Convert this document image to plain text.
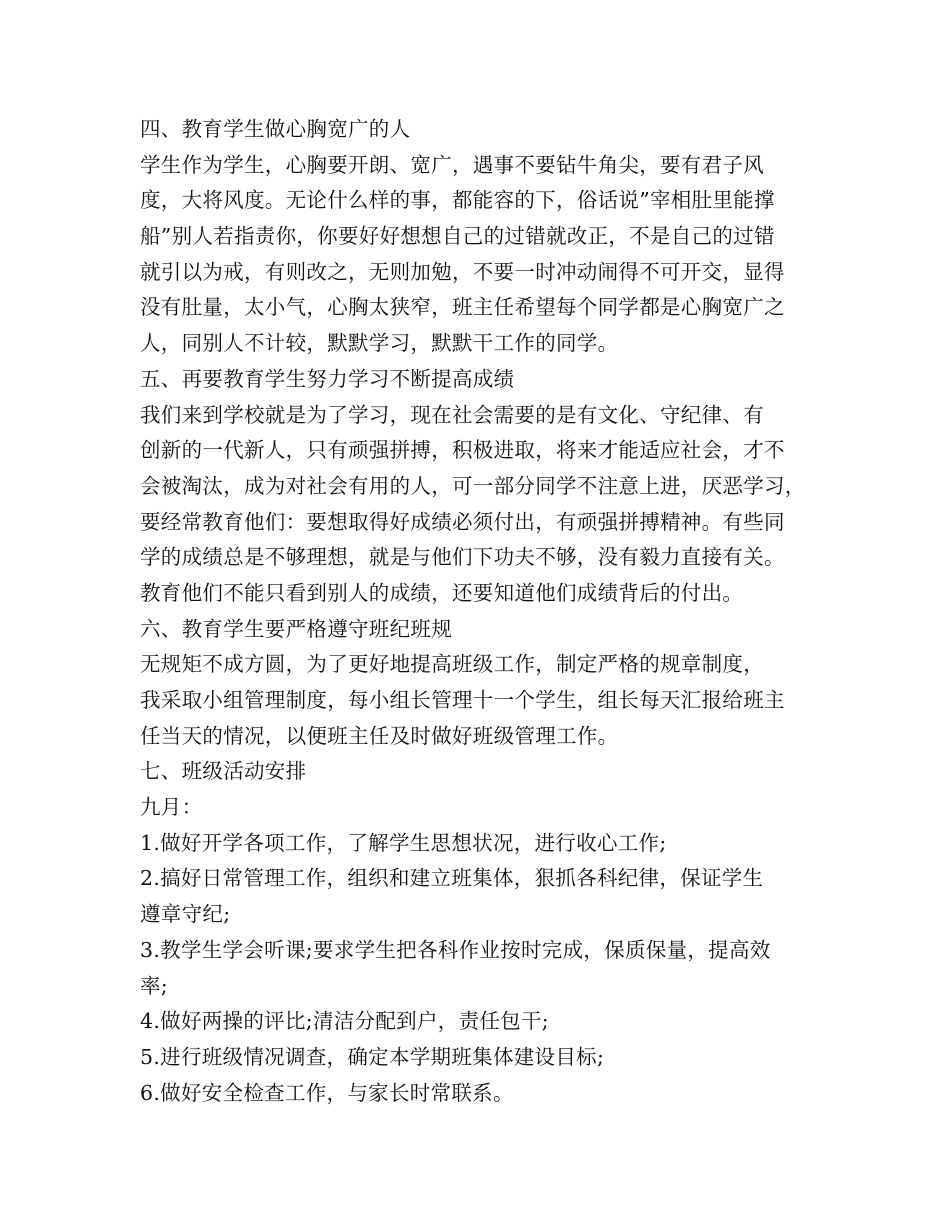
四、教育学生做心胸宽广的人
学生作为学生，心胸要开朗、宽广，遇事不要钻牛角尖，要有君子风
度，大将风度。无论什么样的事，都能容的下，俗话说”宰相肚里能撑
船”别人若指责你，你要好好想想自己的过错就改正，不是自己的过错
就引以为戒，有则改之，无则加勉，不要一时冲动闹得不可开交，显得
没有肚量，太小气，心胸太狭窄，班主任希望每个同学都是心胸宽广之
人，同别人不计较，默默学习，默默干工作的同学。
五、再要教育学生努力学习不断提高成绩
我们来到学校就是为了学习，现在社会需要的是有文化、守纪律、有
创新的一代新人，只有顽强拼搏，积极进取，将来才能适应社会，才不
会被淘汰，成为对社会有用的人，可一部分同学不注意上进，厌恶学习，
要经常教育他们：要想取得好成绩必须付出，有顽强拼搏精神。有些同
学的成绩总是不够理想，就是与他们下功夫不够，没有毅力直接有关。
教育他们不能只看到别人的成绩，还要知道他们成绩背后的付出。
六、教育学生要严格遵守班纪班规
无规矩不成方圆，为了更好地提高班级工作，制定严格的规章制度，
我采取小组管理制度，每小组长管理十一个学生，组长每天汇报给班主
任当天的情况，以便班主任及时做好班级管理工作。
七、班级活动安排
九月：
1.做好开学各项工作，了解学生思想状况，进行收心工作;
2.搞好日常管理工作，组织和建立班集体，狠抓各科纪律，保证学生
遵章守纪;
3.教学生学会听课;要求学生把各科作业按时完成，保质保量，提高效
率;
4.做好两操的评比;清洁分配到户，责任包干;
5.进行班级情况调查，确定本学期班集体建设目标;
6.做好安全检查工作，与家长时常联系。
